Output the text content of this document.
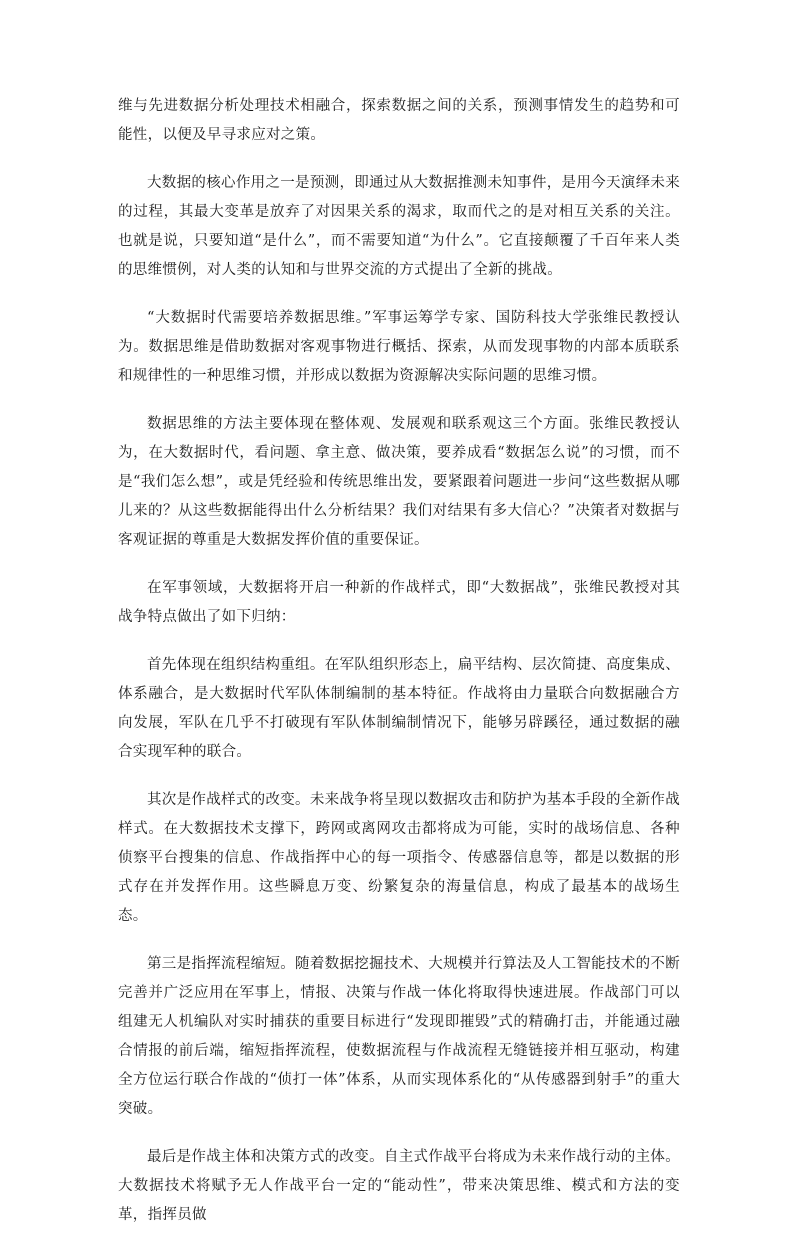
维与先进数据分析处理技术相融合，探索数据之间的关系，预测事情发生的趋势和可能性，以便及早寻求应对之策。

大数据的核心作用之一是预测，即通过从大数据推测未知事件，是用今天演绎未来的过程，其最大变革是放弃了对因果关系的渴求，取而代之的是对相互关系的关注。也就是说，只要知道“是什么”，而不需要知道“为什么”。它直接颠覆了千百年来人类的思维惯例，对人类的认知和与世界交流的方式提出了全新的挑战。

“大数据时代需要培养数据思维。”军事运筹学专家、国防科技大学张维民教授认为。数据思维是借助数据对客观事物进行概括、探索，从而发现事物的内部本质联系和规律性的一种思维习惯，并形成以数据为资源解决实际问题的思维习惯。

数据思维的方法主要体现在整体观、发展观和联系观这三个方面。张维民教授认为，在大数据时代，看问题、拿主意、做决策，要养成看“数据怎么说”的习惯，而不是“我们怎么想”，或是凭经验和传统思维出发，要紧跟着问题进一步问“这些数据从哪儿来的？从这些数据能得出什么分析结果？我们对结果有多大信心？”决策者对数据与客观证据的尊重是大数据发挥价值的重要保证。

在军事领域，大数据将开启一种新的作战样式，即“大数据战”，张维民教授对其战争特点做出了如下归纳：

首先体现在组织结构重组。在军队组织形态上，扁平结构、层次简捷、高度集成、体系融合，是大数据时代军队体制编制的基本特征。作战将由力量联合向数据融合方向发展，军队在几乎不打破现有军队体制编制情况下，能够另辟蹊径，通过数据的融合实现军种的联合。

其次是作战样式的改变。未来战争将呈现以数据攻击和防护为基本手段的全新作战样式。在大数据技术支撑下，跨网或离网攻击都将成为可能，实时的战场信息、各种侦察平台搜集的信息、作战指挥中心的每一项指令、传感器信息等，都是以数据的形式存在并发挥作用。这些瞬息万变、纷繁复杂的海量信息，构成了最基本的战场生态。

第三是指挥流程缩短。随着数据挖掘技术、大规模并行算法及人工智能技术的不断完善并广泛应用在军事上，情报、决策与作战一体化将取得快速进展。作战部门可以组建无人机编队对实时捕获的重要目标进行“发现即摧毁”式的精确打击，并能通过融合情报的前后端，缩短指挥流程，使数据流程与作战流程无缝链接并相互驱动，构建全方位运行联合作战的“侦打一体”体系，从而实现体系化的“从传感器到射手”的重大突破。

最后是作战主体和决策方式的改变。自主式作战平台将成为未来作战行动的主体。大数据技术将赋予无人作战平台一定的“能动性”，带来决策思维、模式和方法的变革，指挥员做
